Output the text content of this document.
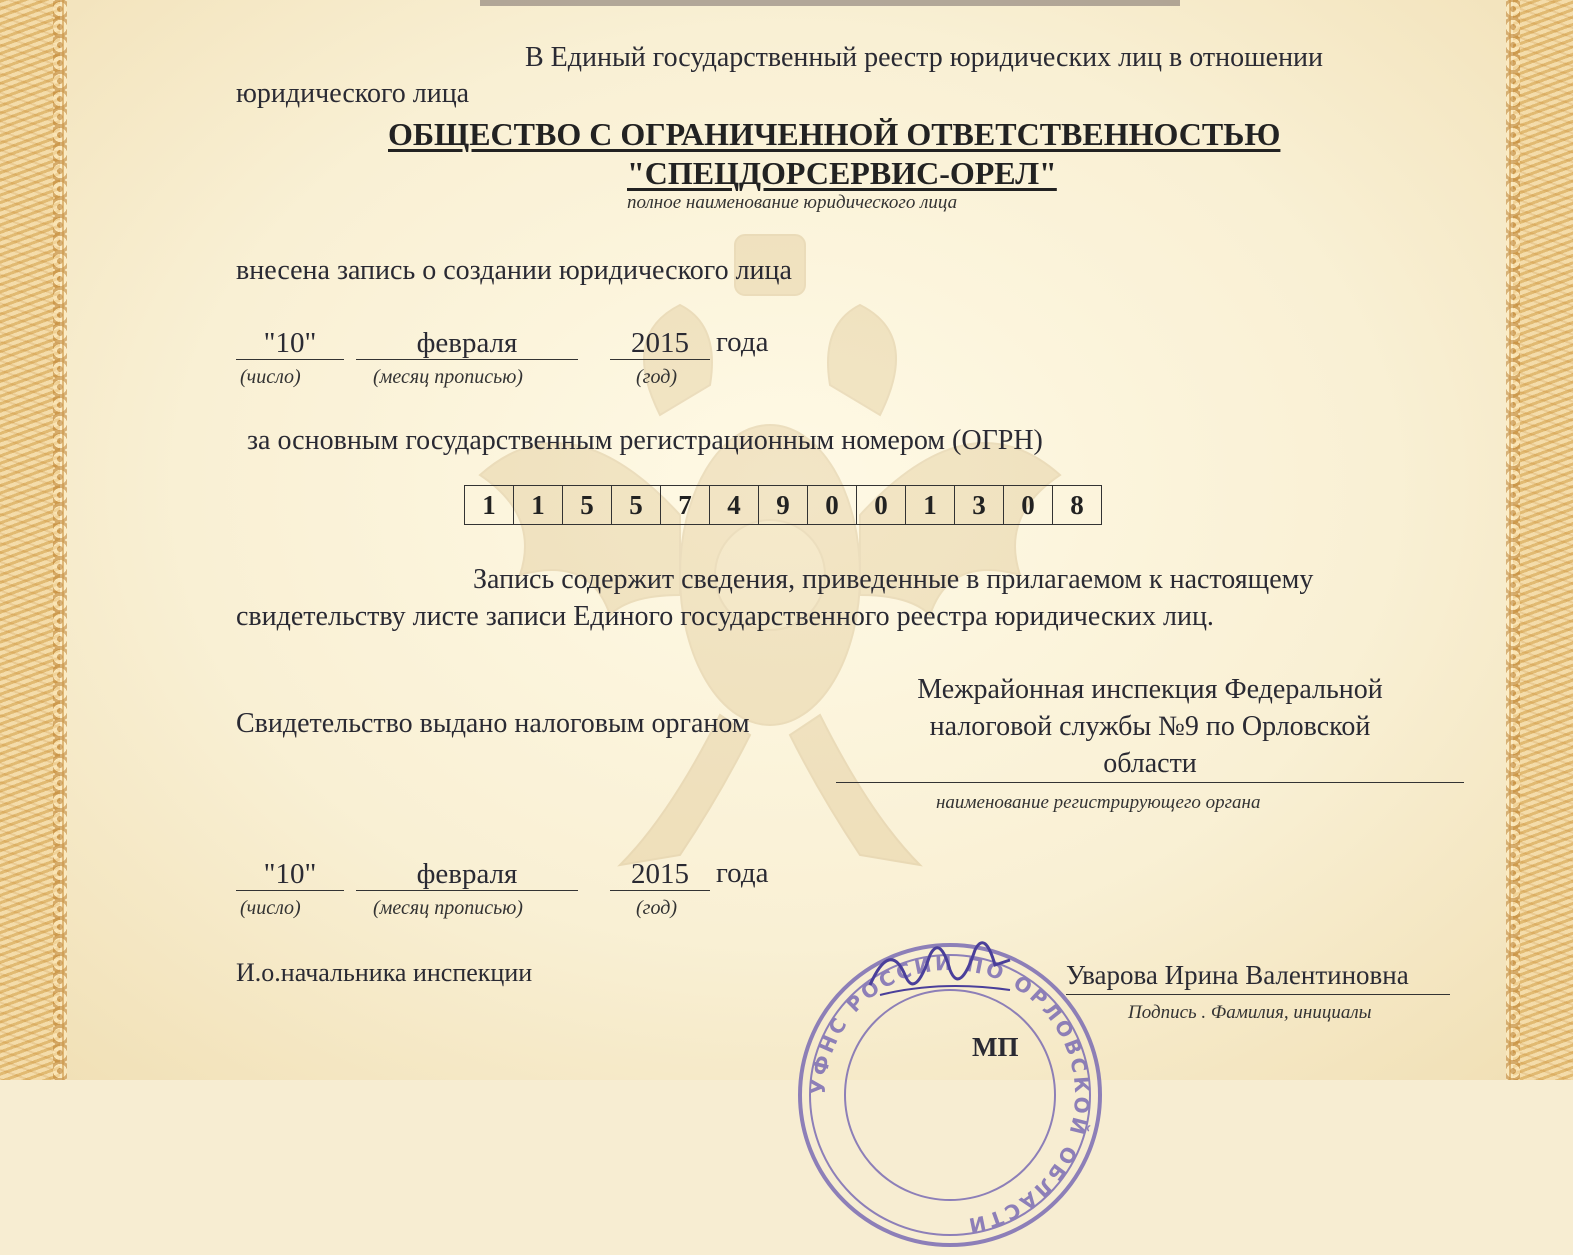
В Единый государственный реестр юридических лиц в отношении
юридического лица
ОБЩЕСТВО С ОГРАНИЧЕННОЙ ОТВЕТСТВЕННОСТЬЮ
"СПЕЦДОРСЕРВИС-ОРЕЛ"
полное наименование юридического лица
внесена запись о создании юридического лица
"10"	февраля	2015 года
(число)	(месяц прописью)	(год)
за основным государственным регистрационным номером (ОГРН)
1	1	5	5	7	4	9	0	0	1	3	0	8
Запись содержит сведения, приведенные в прилагаемом к настоящему
свидетельству листе записи Единого государственного реестра юридических лиц.
Свидетельство выдано налоговым органом
Межрайонная инспекция Федеральной
налоговой службы №9 по Орловской
области
наименование регистрирующего органа
"10"	февраля	2015 года
(число)	(месяц прописью)	(год)
И.о.начальника инспекции
УФНС РОССИИ ПО ОРЛОВСКОЙ ОБЛАСТИ
Уварова Ирина Валентиновна
Подпись . Фамилия, инициалы
МП
